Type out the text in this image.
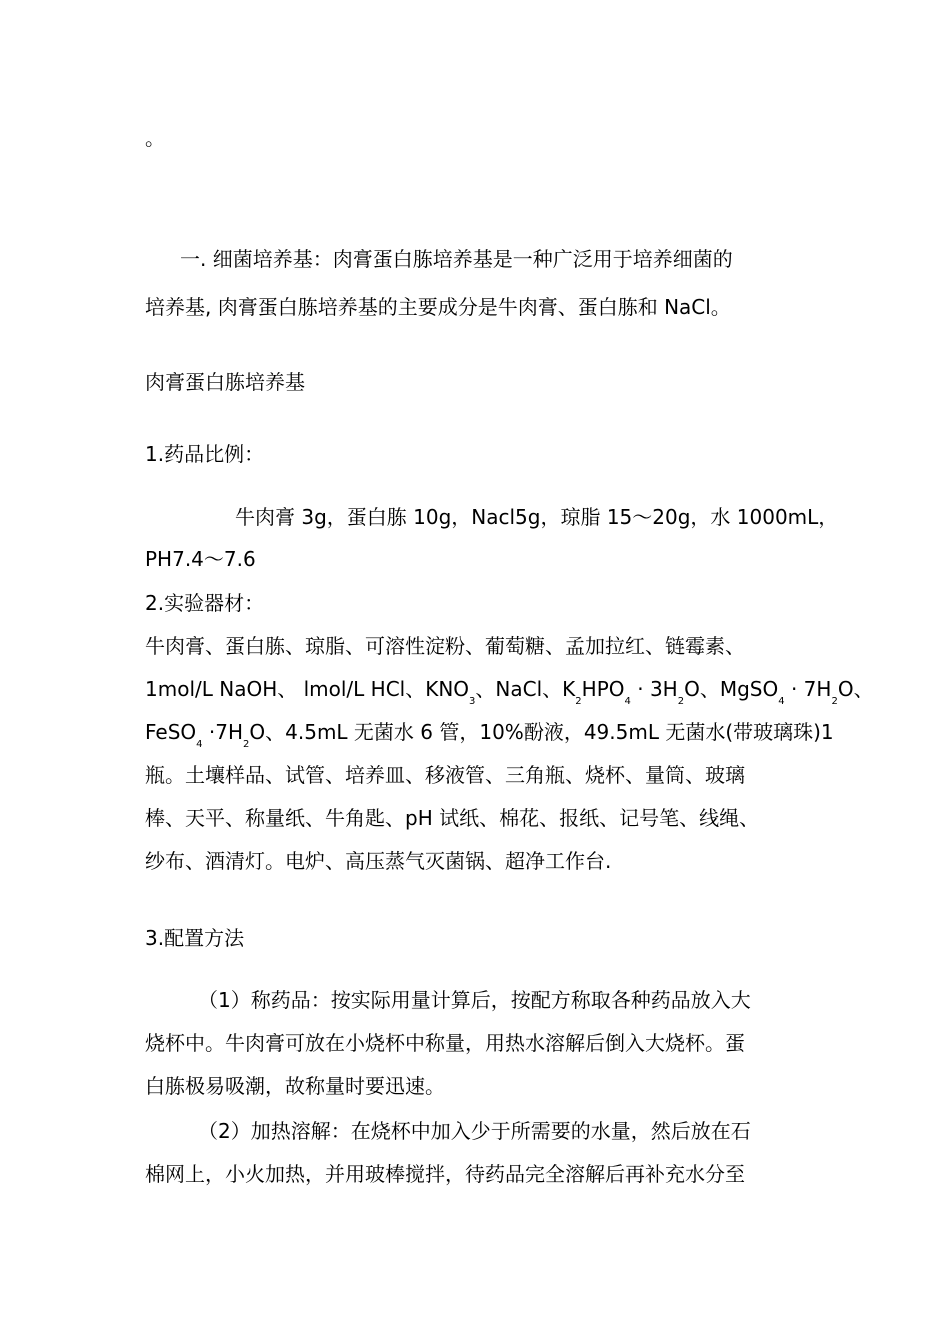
。
一. 细菌培养基：肉膏蛋白胨培养基是一种广泛用于培养细菌的
培养基, 肉膏蛋白胨培养基的主要成分是牛肉膏、蛋白胨和 NaCl。
肉膏蛋白胨培养基
1.药品比例：
牛肉膏 3g，蛋白胨 10g，Nacl5g，琼脂 15～20g，水 1000mL，
PH7.4～7.6
2.实验器材：
牛肉膏、蛋白胨、琼脂、可溶性淀粉、葡萄糖、孟加拉红、链霉素、
1mol/L NaOH、 lmol/L HCl、$KNO_3$、NaCl、$K_2HPO_4 \cdot 3H_2O$、MgSO$_4$ · $7H_2O$、
FeSO$_4$ $\cdot 7H_2O$、4.5mL 无菌水 6 管，10%酚液，49.5mL 无菌水(带玻璃珠)1
瓶。土壤样品、试管、培养皿、移液管、三角瓶、烧杯、量筒、玻璃
棒、天平、称量纸、牛角匙、pH 试纸、棉花、报纸、记号笔、线绳、
纱布、酒清灯。电炉、高压蒸气灭菌锅、超净工作台.
3.配置方法
（1）称药品：按实际用量计算后，按配方称取各种药品放入大
烧杯中。牛肉膏可放在小烧杯中称量，用热水溶解后倒入大烧杯。蛋
白胨极易吸潮，故称量时要迅速。
（2）加热溶解：在烧杯中加入少于所需要的水量，然后放在石
棉网上，小火加热，并用玻棒搅拌，待药品完全溶解后再补充水分至
